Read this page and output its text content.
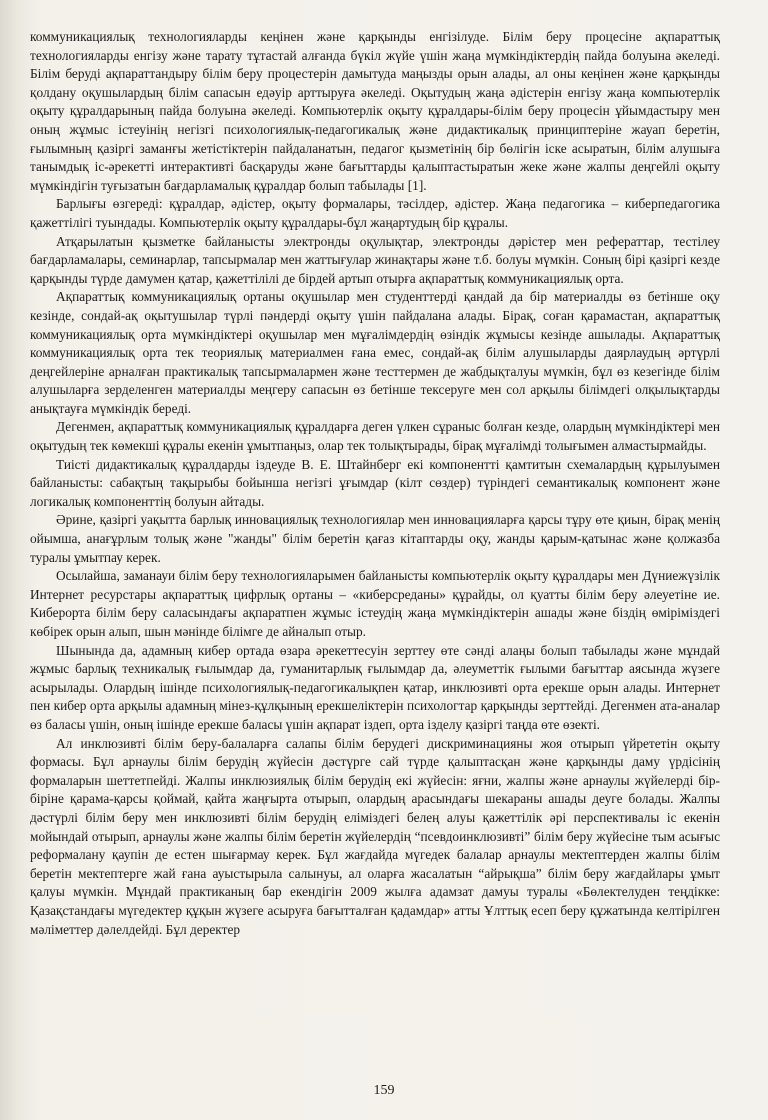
коммуникациялық технологияларды кеңінен және қарқынды енгізілуде. Білім беру процесіне ақпараттық технологияларды енгізу және тарату тұтастай алғанда бүкіл жүйе үшін жаңа мүмкіндіктердің пайда болуына әкеледі. Білім беруді ақпараттандыру білім беру процестерін дамытуда маңызды орын алады, ал оны кеңінен және қарқынды қолдану оқушылардың білім сапасын едәуір арттыруға әкеледі. Оқытудың жаңа әдістерін енгізу жаңа компьютерлік оқыту құралдарының пайда болуына әкеледі. Компьютерлік оқыту құралдары-білім беру процесін ұйымдастыру мен оның жұмыс істеуінің негізгі психологиялық-педагогикалық және дидактикалық принциптеріне жауап беретін, ғылымның қазіргі заманғы жетістіктерін пайдаланатын, педагог қызметінің бір бөлігін іске асыратын, білім алушыға танымдық іс-әрекетті интерактивті басқаруды және бағыттарды қалыптастыратын жеке және жалпы деңгейлі оқыту мүмкіндігін туғызатын бағдарламалық құралдар болып табылады [1].

Барлығы өзгереді: құралдар, әдістер, оқыту формалары, тәсілдер, әдістер. Жаңа педагогика – киберпедагогика қажеттілігі туындады. Компьютерлік оқыту құралдары-бұл жаңартудың бір құралы.

Атқарылатын қызметке байланысты электронды оқулықтар, электронды дәрістер мен рефераттар, тестілеу бағдарламалары, семинарлар, тапсырмалар мен жаттығулар жинақтары және т.б. болуы мүмкін. Соның бірі қазіргі кезде қарқынды түрде дамумен қатар, қажеттілілі де бірдей артып отырға ақпараттық коммуникациялық орта.

Ақпараттық коммуникациялық ортаны оқушылар мен студенттерді қандай да бір материалды өз бетінше оқу кезінде, сондай-ақ оқытушылар түрлі пәндерді оқыту үшін пайдалана алады. Бірақ, соған қарамастан, ақпараттық коммуникациялық орта мүмкіндіктері оқушылар мен мұғалімдердің өзіндік жұмысы кезінде ашылады. Ақпараттық коммуникациялық орта тек теориялық материалмен ғана емес, сондай-ақ білім алушыларды даярлаудың әртүрлі деңгейлеріне арналған практикалық тапсырмалармен және тесттермен де жабдықталуы мүмкін, бұл өз кезегінде білім алушыларға зерделенген материалды меңгеру сапасын өз бетінше тексеруге мен сол арқылы білімдегі олқылықтарды анықтауға мүмкіндік береді.

Дегенмен, ақпараттық коммуникациялық құралдарға деген үлкен сұраныс болған кезде, олардың мүмкіндіктері мен оқытудың тек көмекші құралы екенін ұмытпаңыз, олар тек толықтырады, бірақ мұғалімді толығымен алмастырмайды.

Тиісті дидактикалық құралдарды іздеуде В. Е. Штайнберг екі компонентті қамтитын схемалардың құрылуымен байланысты: сабақтың тақырыбы бойынша негізгі ұғымдар (кілт сөздер) түріндегі семантикалық компонент және логикалық компоненттің болуын айтады.

Әрине, қазіргі уақытта барлық инновациялық технологиялар мен инновацияларға қарсы тұру өте қиын, бірақ менің ойымша, анағұрлым толық және "жанды" білім беретін қағаз кітаптарды оқу, жанды қарым-қатынас және қолжазба туралы ұмытпау керек.

Осылайша, заманауи білім беру технологияларымен байланысты компьютерлік оқыту құралдары мен Дүниежүзілік Интернет ресурстары ақпараттық цифрлық ортаны – «киберсреданы» құрайды, ол қуатты білім беру әлеуетіне ие. Киберорта білім беру саласындағы ақпаратпен жұмыс істеудің жаңа мүмкіндіктерін ашады және біздің өміріміздегі көбірек орын алып, шын мәнінде білімге де айналып отыр.

Шынында да, адамның кибер ортада өзара әрекеттесуін зерттеу өте сәнді алаңы болып табылады және мұндай жұмыс барлық техникалық ғылымдар да, гуманитарлық ғылымдар да, әлеуметтік ғылыми бағыттар аясында жүзеге асырылады. Олардың ішінде психологиялық-педагогикалықпен қатар, инклюзивті орта ерекше орын алады. Интернет пен кибер орта арқылы адамның мінез-құлқының ерекшеліктерін психологтар қарқынды зерттейді. Дегенмен ата-аналар өз баласы үшін, оның ішінде ерекше баласы үшін ақпарат іздеп, орта ізделу қазіргі таңда өте өзекті.

Ал инклюзивті білім беру-балаларға салапы білім берудегі дискриминацияны жоя отырып үйрететін оқыту формасы. Бұл арнаулы білім берудің жүйесін дәстүрге сай түрде қалыптасқан және қарқынды даму үрдісінің формаларын шеттетпейді. Жалпы инклюзиялық білім берудің екі жүйесін: яғни, жалпы және арнаулы жүйелерді бір-біріне қарама-қарсы қоймай, қайта жаңғырта отырып, олардың арасындағы шекараны ашады деуге болады. Жалпы дәстүрлі білім беру мен инклюзивті білім берудің еліміздегі белең алуы қажеттілік әрі перспективалы іс екенін мойындай отырып, арнаулы және жалпы білім беретін жүйелердің “псевдоинклюзивті” білім беру жүйесіне тым асығыс реформалану қаупін де естен шығармау керек. Бұл жағдайда мүгедек балалар арнаулы мектептерден жалпы білім беретін мектептерге жай ғана ауыстырыла салынуы, ал оларға жасалатын “айрықша” білім беру жағдайлары ұмыт қалуы мүмкін. Мұндай практиканың бар екендігін 2009 жылға адамзат дамуы туралы «Бөлектелуден теңдікке: Қазақстандағы мүгедектер құқын жүзеге асыруға бағытталған қадамдар» атты Ұлттық есеп беру құжатында келтірілген мәліметтер дәлелдейді. Бұл деректер

159
